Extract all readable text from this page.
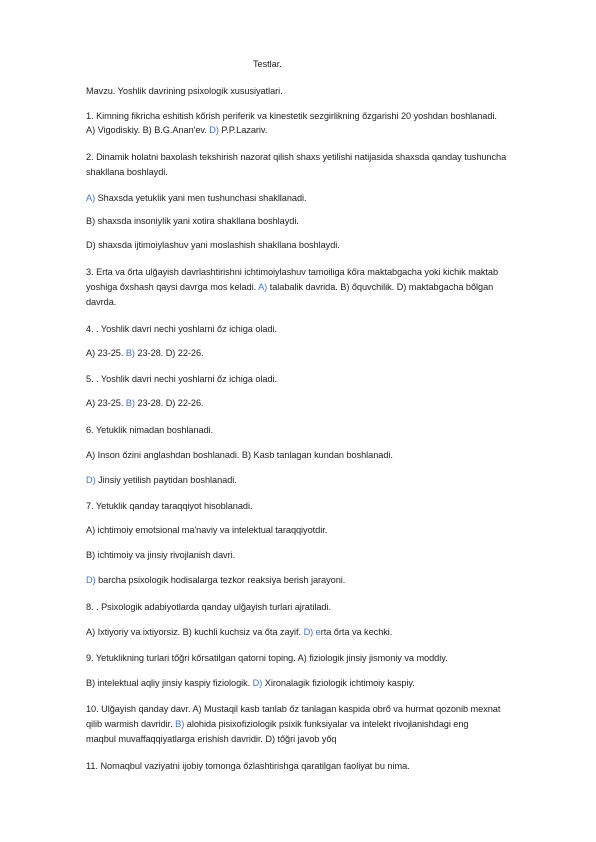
Testlar.

Mavzu. Yoshlik davrining psixologik xususiyatlari.

1. Kimning fikricha eshitish kőrish periferik va kinestetik sezgirlikning őzgarishi 20 yoshdan boshlanadi.

A) Vigodiskiy. B) B.G.Anan'ev. D) P.P.Lazariv.

2. Dinamik holatni baxolash tekshirish nazorat qilish shaxs yetilishi natijasida shaxsda qanday tushuncha

shakllana boshlaydi.

A) Shaxsda yetuklik yani men tushunchasi shakllanadi.

B) shaxsda insoniylik yani xotira shakllana boshlaydi.

D) shaxsda ijtimoiylashuv yani moslashish shakllana boshlaydi.

3. Erta va őrta ulğayish davrlashtirishni ichtimoiylashuv tamoiliga kőra maktabgacha yoki kichik maktab

yoshiga őxshash qaysi davrga mos keladi. A) talabalik davrida. B) őquvchilik. D) maktabgacha bőlgan

davrda.

4. . Yoshlik davri nechi yoshlarni őz ichiga oladi.

A) 23-25. B) 23-28. D) 22-26.

5. . Yoshlik davri nechi yoshlarni őz ichiga oladi.

A) 23-25. B) 23-28. D) 22-26.

6. Yetuklik nimadan boshlanadi.

A) Inson őzini anglashdan boshlanadi. B) Kasb tanlagan kundan boshlanadi.

D) Jinsiy yetilish paytidan boshlanadi.

7. Yetuklik qanday taraqqiyot hisoblanadi.

A) ichtimoiy emotsional ma'naviy va intelektual taraqqiyotdir.

B) ichtimoiy va jinsiy rivojlanish davri.

D) barcha psixologik hodisalarga tezkor reaksiya berish jarayoni.

8. . Psixologik adabiyotlarda qanday ulğayish turlari ajratiladi.

A) Ixtiyoriy va ixtiyorsiz. B) kuchli kuchsiz va őta zayif. D) erta őrta va kechki.

9. Yetuklikning turlari tőğri kőrsatilgan qatorni toping. A) fiziologik jinsiy jismoniy va moddiy.

B) intelektual aqliy jinsiy kaspiy fiziologik. D) Xironalagik fiziologik ichtimoiy kaspiy.

10. Ulğayish qanday davr. A) Mustaqil kasb tanlab őz tanlagan kaspida obrő va hurmat qozonib mexnat

qilib warmish davridir. B) alohida pisixofiziologik psixik funksiyalar va intelekt rivojlanishdagi eng

maqbul muvaffaqqiyatlarga erishish davridir. D) tőğri javob yőq

11. Nomaqbul vaziyatni ijobiy tomonga őzlashtirishga qaratilgan faoliyat bu nima.
